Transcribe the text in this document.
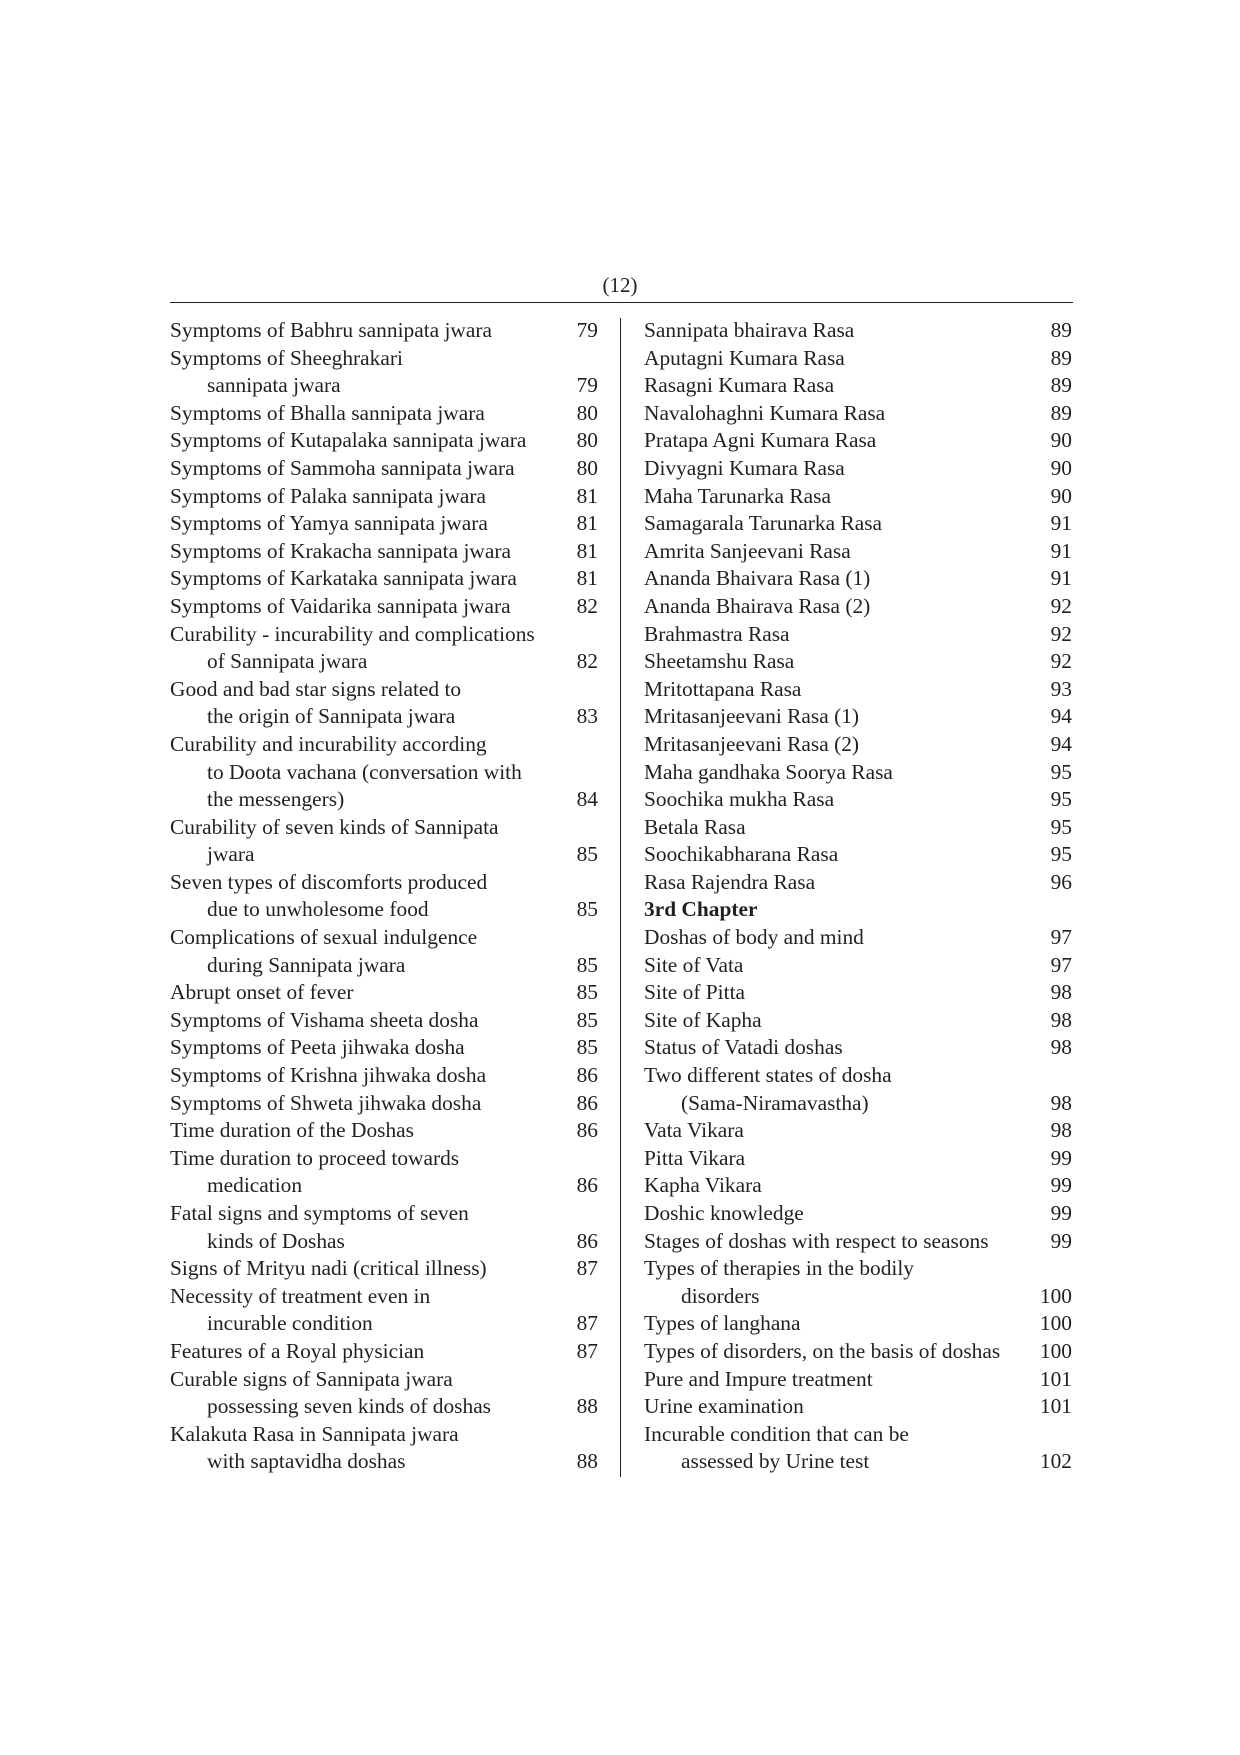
(12)
Symptoms of Babhru sannipata jwara	79
Symptoms of Sheeghrakari
sannipata jwara	79
Symptoms of Bhalla sannipata jwara	80
Symptoms of Kutapalaka sannipata jwara	80
Symptoms of Sammoha sannipata jwara	80
Symptoms of Palaka sannipata jwara	81
Symptoms of Yamya sannipata jwara	81
Symptoms of Krakacha sannipata jwara	81
Symptoms of Karkataka sannipata jwara	81
Symptoms of Vaidarika sannipata jwara	82
Curability - incurability and complications
of Sannipata jwara	82
Good and bad star signs related to
the origin of Sannipata jwara	83
Curability and incurability according
to Doota vachana (conversation with
the messengers)	84
Curability of seven kinds of Sannipata
jwara	85
Seven types of discomforts produced
due to unwholesome food	85
Complications of sexual indulgence
during Sannipata jwara	85
Abrupt onset of fever	85
Symptoms of Vishama sheeta dosha	85
Symptoms of Peeta jihwaka dosha	85
Symptoms of Krishna jihwaka dosha	86
Symptoms of Shweta jihwaka dosha	86
Time duration of the Doshas	86
Time duration to proceed towards
medication	86
Fatal signs and symptoms of seven
kinds of Doshas	86
Signs of Mrityu nadi (critical illness)	87
Necessity of treatment even in
incurable condition	87
Features of a Royal physician	87
Curable signs of Sannipata jwara
possessing seven kinds of doshas	88
Kalakuta Rasa in Sannipata jwara
with saptavidha doshas	88
Sannipata bhairava Rasa	89
Aputagni Kumara Rasa	89
Rasagni Kumara Rasa	89
Navalohaghni Kumara Rasa	89
Pratapa Agni Kumara Rasa	90
Divyagni Kumara Rasa	90
Maha Tarunarka Rasa	90
Samagarala Tarunarka Rasa	91
Amrita Sanjeevani Rasa	91
Ananda Bhaivara Rasa (1)	91
Ananda Bhairava Rasa (2)	92
Brahmastra Rasa	92
Sheetamshu Rasa	92
Mritottapana Rasa	93
Mritasanjeevani Rasa (1)	94
Mritasanjeevani Rasa (2)	94
Maha gandhaka Soorya Rasa	95
Soochika mukha Rasa	95
Betala Rasa	95
Soochikabharana Rasa	95
Rasa Rajendra Rasa	96
3rd Chapter
Doshas of body and mind	97
Site of Vata	97
Site of Pitta	98
Site of Kapha	98
Status of Vatadi doshas	98
Two different states of dosha
(Sama-Niramavastha)	98
Vata Vikara	98
Pitta Vikara	99
Kapha Vikara	99
Doshic knowledge	99
Stages of doshas with respect to seasons	99
Types of therapies in the bodily
disorders	100
Types of langhana	100
Types of disorders, on the basis of doshas	100
Pure and Impure treatment	101
Urine examination	101
Incurable condition that can be
assessed by Urine test	102
